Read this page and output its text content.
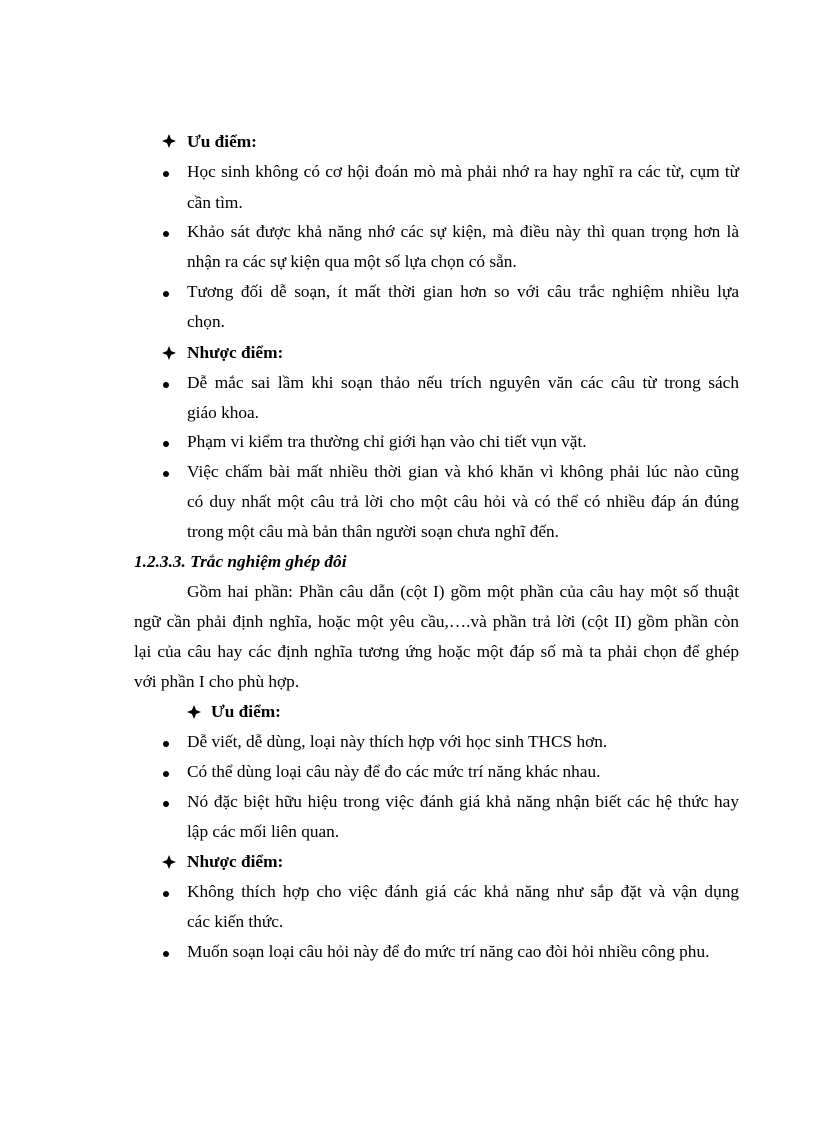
Ưu điểm:
Học sinh không có cơ hội đoán mò mà phải nhớ ra hay nghĩ ra các từ, cụm từ
cần tìm.
Khảo sát được khả năng nhớ các sự kiện, mà điều này thì quan trọng hơn là
nhận ra các sự kiện qua một số lựa chọn có sẵn.
Tương đối dễ soạn, ít mất thời gian hơn so với câu trắc nghiệm nhiều lựa
chọn.
Nhược điểm:
Dễ mắc sai lầm khi soạn thảo nếu trích nguyên văn các câu từ trong sách
giáo khoa.
Phạm vi kiểm tra thường chỉ giới hạn vào chi tiết vụn vặt.
Việc chấm bài mất nhiều thời gian và khó khăn vì không phải lúc nào cũng
có duy nhất một câu trả lời cho một câu hỏi và có thể có nhiều đáp án đúng
trong một câu mà bản thân người soạn chưa nghĩ đến.
1.2.3.3. Trắc nghiệm ghép đôi
Gồm hai phần: Phần câu dẫn (cột I) gồm một phần của câu hay một số thuật
ngữ cần phải định nghĩa, hoặc một yêu cầu,….và phần trả lời (cột II) gồm phần còn
lại của câu hay các định nghĩa tương ứng hoặc một đáp số mà ta phải chọn để ghép
với phần I cho phù hợp.
Ưu điểm:
Dễ viết, dễ dùng, loại này thích hợp với học sinh THCS hơn.
Có thể dùng loại câu này để đo các mức trí năng khác nhau.
Nó đặc biệt hữu hiệu trong việc đánh giá khả năng nhận biết các hệ thức hay
lập các mối liên quan.
Nhược điểm:
Không thích hợp cho việc đánh giá các khả năng như sắp đặt và vận dụng
các kiến thức.
Muốn soạn loại câu hỏi này để đo mức trí năng cao đòi hỏi nhiều công phu.
